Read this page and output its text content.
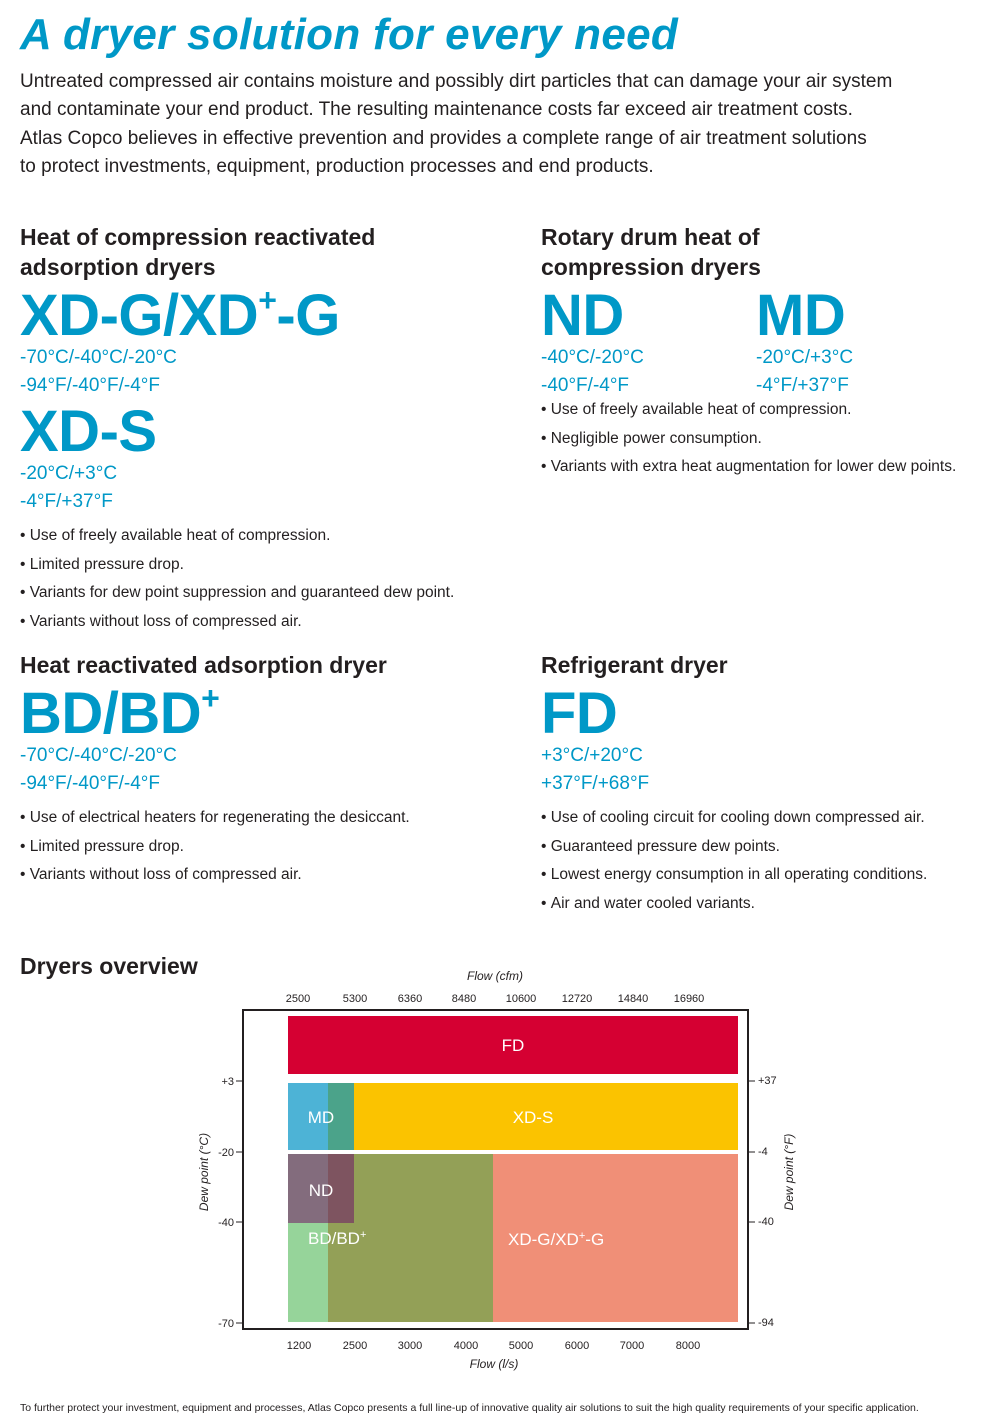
A dryer solution for every need

Untreated compressed air contains moisture and possibly dirt particles that can damage your air system

and contaminate your end product. The resulting maintenance costs far exceed air treatment costs.

Atlas Copco believes in effective prevention and provides a complete range of air treatment solutions

to protect investments, equipment, production processes and end products.

Heat of compression reactivated
adsorption dryers
XD-G/XD+-G
-70°C/-40°C/-20°C
-94°F/-40°F/-4°F
XD-S
-20°C/+3°C
-4°F/+37°F
• Use of freely available heat of compression.
• Limited pressure drop.
• Variants for dew point suppression and guaranteed dew point.
• Variants without loss of compressed air.
Rotary drum heat of
compression dryers
ND
-40°C/-20°C
-40°F/-4°F
MD
-20°C/+3°C
-4°F/+37°F
• Use of freely available heat of compression.
• Negligible power consumption.
• Variants with extra heat augmentation for lower dew points.
Heat reactivated adsorption dryer
BD/BD+
-70°C/-40°C/-20°C
-94°F/-40°F/-4°F
• Use of electrical heaters for regenerating the desiccant.
• Limited pressure drop.
• Variants without loss of compressed air.
Refrigerant dryer
FD
+3°C/+20°C
+37°F/+68°F
• Use of cooling circuit for cooling down compressed air.
• Guaranteed pressure dew points.
• Lowest energy consumption in all operating conditions.
• Air and water cooled variants.
Dryers overview	Flow (cfm)
2500	5300	6360	8480	10600 12720 14840 16960
FD
MD	XD-S
ND
BD/BD+	XD-G/XD+-G
+3
-20
-40
-70
+37
-4
-40
-94
Dew point (°C)	Dew point (°F)
1200	2500	3000	4000	5000	6000	7000	8000
Flow (l/s)
To further protect your investment, equipment and processes, Atlas Copco presents a full line-up of innovative quality air solutions to suit the high quality requirements of your specific application.
